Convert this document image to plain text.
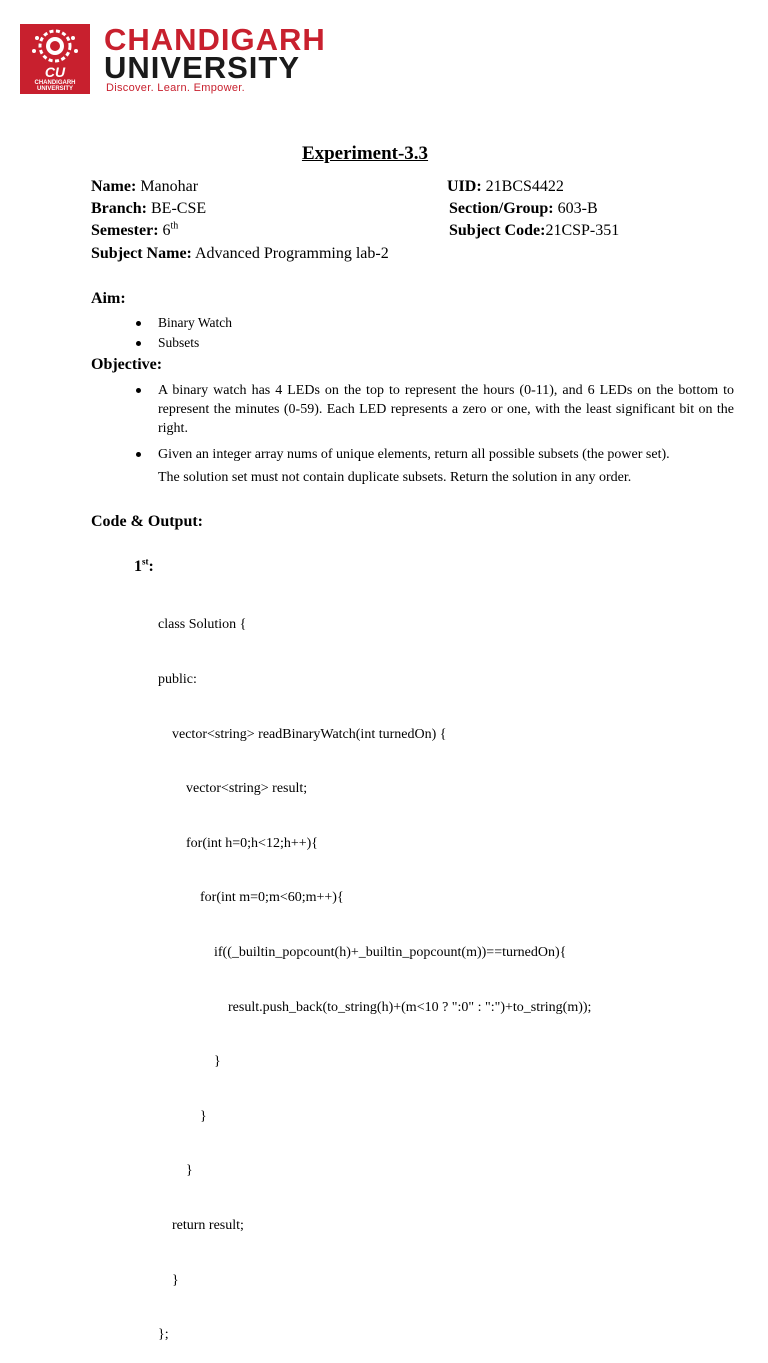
CU
CHANDIGARH
UNIVERSITY
CHANDIGARH
UNIVERSITY
Discover. Learn. Empower.
Experiment-3.3
Name: Manohar	UID: 21BCS4422
Branch: BE-CSE	Section/Group: 603-B
Semester: 6th	Subject Code:21CSP-351
Subject Name: Advanced Programming lab-2
Aim:
Binary Watch
Subsets
Objective:
A binary watch has 4 LEDs on the top to represent the hours (0-11), and 6 LEDs on the bottom to represent the minutes (0-59). Each LED represents a zero or one, with the least significant bit on the right.
Given an integer array nums of unique elements, return all possible subsets (the power set).
The solution set must not contain duplicate subsets. Return the solution in any order.
Code & Output:
1st:

class Solution {

public:

vector<string> readBinaryWatch(int turnedOn) {

vector<string> result;

for(int h=0;h<12;h++){

for(int m=0;m<60;m++){

if((_builtin_popcount(h)+_builtin_popcount(m))==turnedOn){

result.push_back(to_string(h)+(m<10 ? ":0" : ":")+to_string(m));

}

}

}

return result;

}

};
